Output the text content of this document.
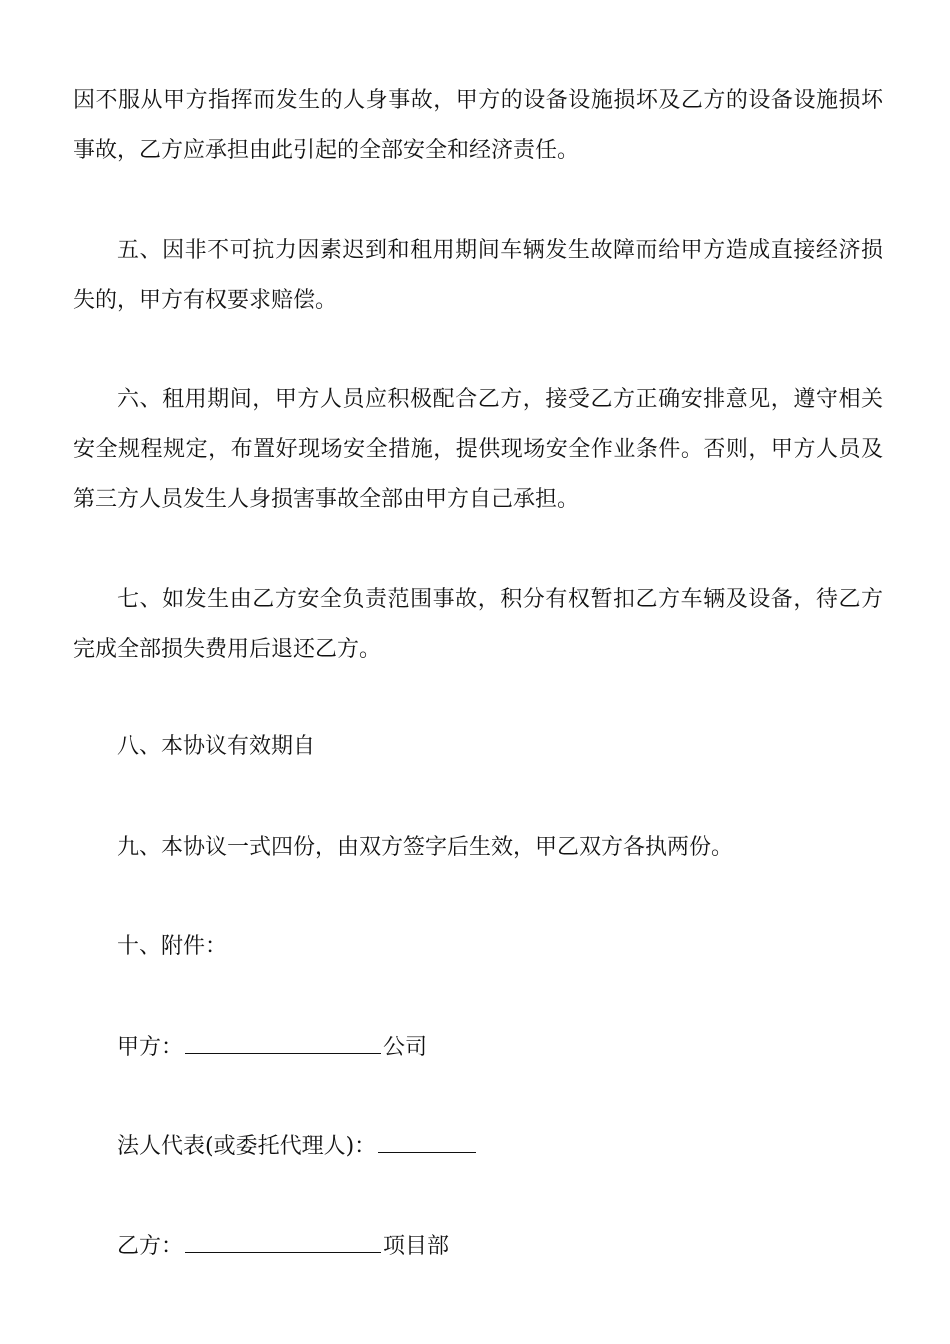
因不服从甲方指挥而发生的人身事故，甲方的设备设施损坏及乙方的设备设施损坏事故，乙方应承担由此引起的全部安全和经济责任。

五、因非不可抗力因素迟到和租用期间车辆发生故障而给甲方造成直接经济损失的，甲方有权要求赔偿。

六、租用期间，甲方人员应积极配合乙方，接受乙方正确安排意见，遵守相关安全规程规定，布置好现场安全措施，提供现场安全作业条件。否则，甲方人员及第三方人员发生人身损害事故全部由甲方自己承担。

七、如发生由乙方安全负责范围事故，积分有权暂扣乙方车辆及设备，待乙方完成全部损失费用后退还乙方。

八、本协议有效期自

九、本协议一式四份，由双方签字后生效，甲乙双方各执两份。

十、附件：

甲方：	公司
法人代表(或委托代理人)：
乙方：	项目部
